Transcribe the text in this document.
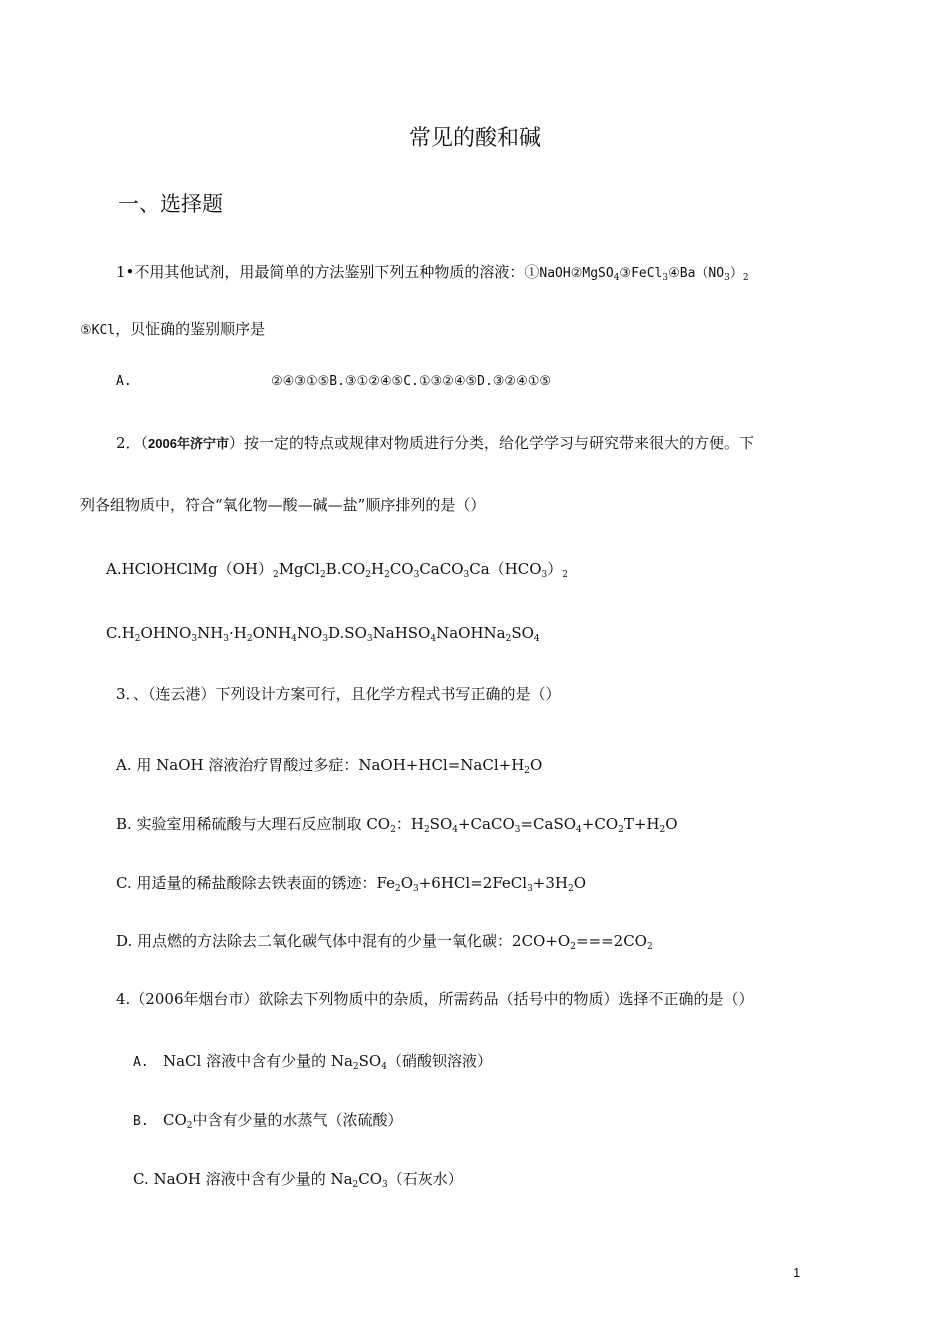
常见的酸和碱
一、选择题
1•不用其他试剂，用最简单的方法鉴别下列五种物质的溶液：$①NaOH②MgSO_4③FeCl_3④Ba(NO_3)_2$
⑤KCl，贝怔确的鉴别顺序是
A.	②④③①⑤B.③①②④⑤C.①③②④⑤D.③②④①⑤
2．（2006年济宁市）按一定的特点或规律对物质进行分类，给化学学习与研究带来很大的方便。下
列各组物质中，符合“氧化物—酸—碱—盐”顺序排列的是（）
$A.HClOHClMg(OH)_2MgCl_2B.CO_2H_2CO_3CaCO_3Ca(HCO_3)_2$
$C.H_2OHNO_3NH_3\cdot H_2ONH_4NO_3D.SO_3NaHSO_4NaOHNa_2SO_4$
3．、（连云港）下列设计方案可行，且化学方程式书写正确的是（）
A. 用 NaOH 溶液治疗胃酸过多症：$NaOH+HCl=NaCl+H_2O$
B. 实验室用稀硫酸与大理石反应制取 $CO_2$：$H_2SO_4+CaCO_3=CaSO_4+CO_2T+H_2O$
C. 用适量的稀盐酸除去铁表面的锈迹：$Fe_2O_3+6HCl=2FeCl_3+3H_2O$
D. 用点燃的方法除去二氧化碳气体中混有的少量一氧化碳：$2CO+O_2===2CO_2$
4.（2006年烟台市）欲除去下列物质中的杂质，所需药品（括号中的物质）选择不正确的是（）
A. NaCl 溶液中含有少量的 $Na_2SO_4$（硝酸钡溶液）
B. $CO_2$中含有少量的水蒸气（浓硫酸）
C. NaOH 溶液中含有少量的 $Na_2CO_3$（石灰水）
1
